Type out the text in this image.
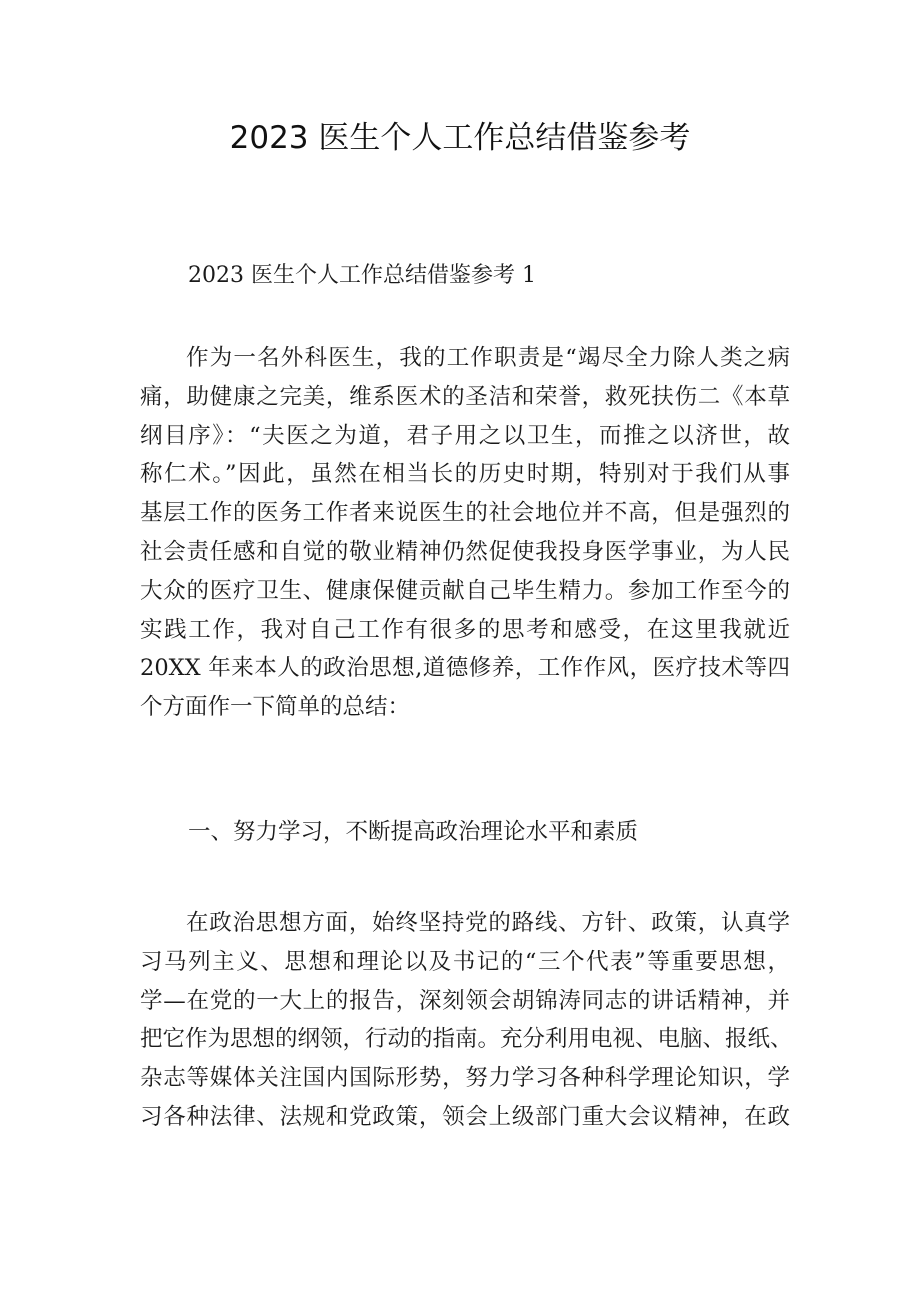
2023 医生个人工作总结借鉴参考
2023 医生个人工作总结借鉴参考 1
作为一名外科医生，我的工作职责是“竭尽全力除人类之病
痛，助健康之完美，维系医术的圣洁和荣誉，救死扶伤二《本草
纲目序》：“夫医之为道，君子用之以卫生，而推之以济世，故
称仁术。”因此，虽然在相当长的历史时期，特别对于我们从事
基层工作的医务工作者来说医生的社会地位并不高，但是强烈的
社会责任感和自觉的敬业精神仍然促使我投身医学事业，为人民
大众的医疗卫生、健康保健贡献自己毕生精力。参加工作至今的
实践工作，我对自己工作有很多的思考和感受，在这里我就近
20XX 年来本人的政治思想,道德修养，工作作风，医疗技术等四
个方面作一下简单的总结：
一、努力学习，不断提高政治理论水平和素质
在政治思想方面，始终坚持党的路线、方针、政策，认真学
习马列主义、思想和理论以及书记的“三个代表”等重要思想，
学—在党的一大上的报告，深刻领会胡锦涛同志的讲话精神，并
把它作为思想的纲领，行动的指南。充分利用电视、电脑、报纸、
杂志等媒体关注国内国际形势，努力学习各种科学理论知识，学
习各种法律、法规和党政策，领会上级部门重大会议精神，在政
